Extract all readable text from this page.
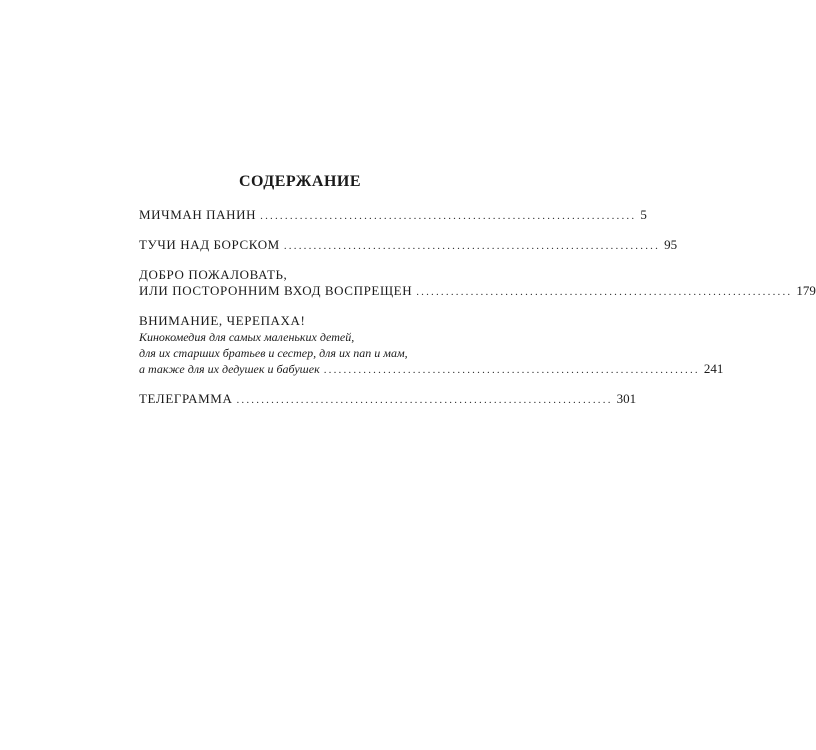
СОДЕРЖАНИЕ
МИЧМАН ПАНИН ............................................................................ 5
ТУЧИ НАД БОРСКОМ ............................................................................ 95
ДОБРО ПОЖАЛОВАТЬ,
ИЛИ ПОСТОРОННИМ ВХОД ВОСПРЕЩЕН ............................................................................ 179
ВНИМАНИЕ, ЧЕРЕПАХА!
Кинокомедия для самых маленьких детей,
для их старших братьев и сестер, для их пап и мам,
а также для их дедушек и бабушек ............................................................................ 241
ТЕЛЕГРАММА ............................................................................ 301
